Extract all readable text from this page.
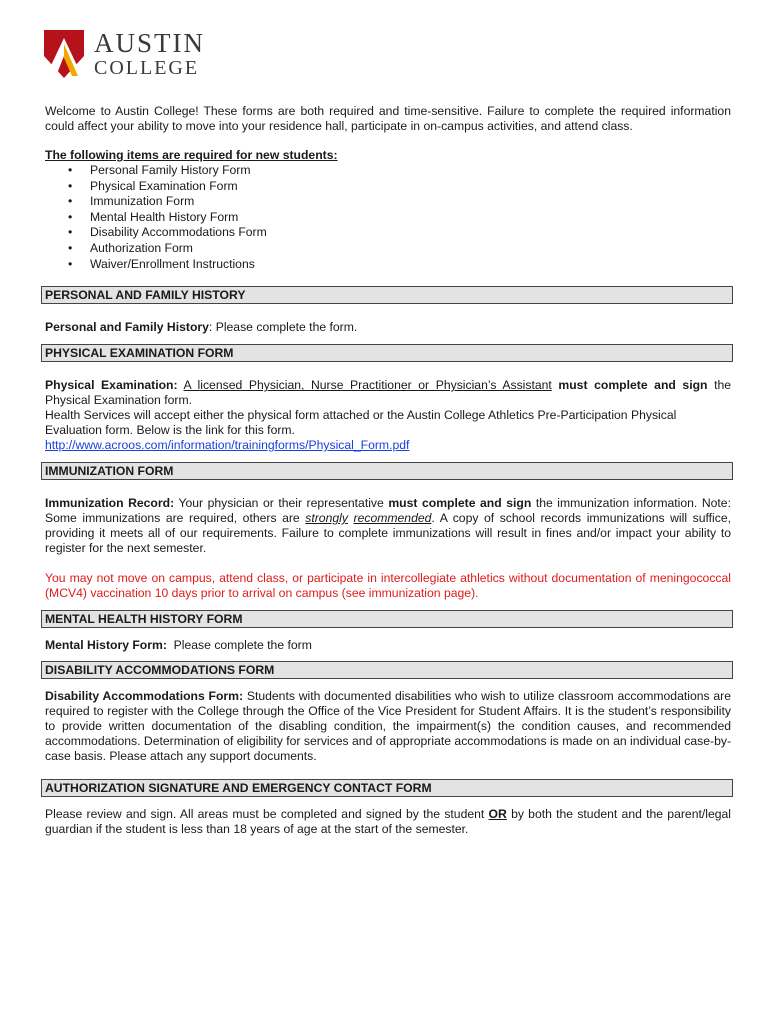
AUSTIN
COLLEGE

Welcome to Austin College! These forms are both required and time-sensitive. Failure to complete the required information could affect your ability to move into your residence hall, participate in on-campus activities, and attend class.

The following items are required for new students:

• Personal Family History Form
• Physical Examination Form
• Immunization Form
• Mental Health History Form
• Disability Accommodations Form
• Authorization Form
• Waiver/Enrollment Instructions
PERSONAL AND FAMILY HISTORY

Personal and Family History: Please complete the form.

PHYSICAL EXAMINATION FORM

Physical Examination: A licensed Physician, Nurse Practitioner or Physician’s Assistant must complete and sign the Physical Examination form.

Health Services will accept either the physical form attached or the Austin College Athletics Pre-Participation Physical Evaluation form. Below is the link for this form.

http://www.acroos.com/information/trainingforms/Physical_Form.pdf

IMMUNIZATION FORM

Immunization Record: Your physician or their representative must complete and sign the immunization information. Note: Some immunizations are required, others are strongly recommended. A copy of school records immunizations will suffice, providing it meets all of our requirements. Failure to complete immunizations will result in fines and/or impact your ability to register for the next semester.

You may not move on campus, attend class, or participate in intercollegiate athletics without documentation of meningococcal (MCV4) vaccination 10 days prior to arrival on campus (see immunization page).

MENTAL HEALTH HISTORY FORM

Mental History Form:  Please complete the form

DISABILITY ACCOMMODATIONS FORM

Disability Accommodations Form: Students with documented disabilities who wish to utilize classroom accommodations are required to register with the College through the Office of the Vice President for Student Affairs. It is the student’s responsibility to provide written documentation of the disabling condition, the impairment(s) the condition causes, and recommended accommodations. Determination of eligibility for services and of appropriate accommodations is made on an individual case-by-case basis. Please attach any support documents.

AUTHORIZATION SIGNATURE AND EMERGENCY CONTACT FORM

Please review and sign. All areas must be completed and signed by the student OR by both the student and the parent/legal guardian if the student is less than 18 years of age at the start of the semester.
